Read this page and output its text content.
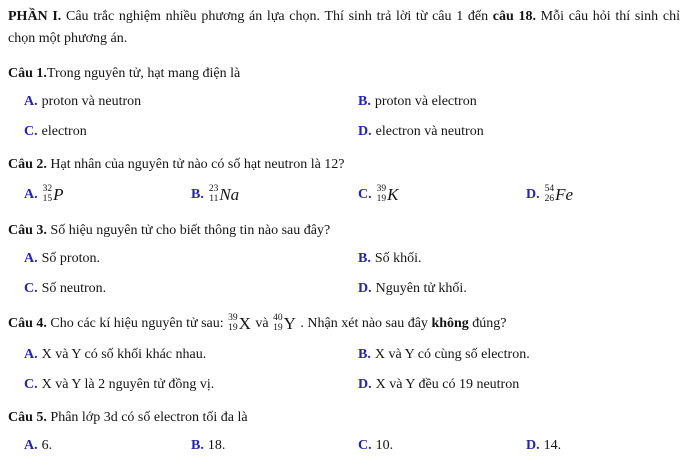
PHẦN I. Câu trắc nghiệm nhiều phương án lựa chọn. Thí sinh trả lời từ câu 1 đến câu 18. Mỗi câu hỏi thí sinh chỉ chọn một phương án.

Câu 1.Trong nguyên tử, hạt mang điện là
A. proton và neutron	B. proton và electron
C. electron	D. electron và neutron
Câu 2. Hạt nhân của nguyên tử nào có số hạt neutron là 12?
A. 32
15 P	B. 23
11 Na	C. 39
19 K	D. 54
26 Fe
Câu 3. Số hiệu nguyên tử cho biết thông tin nào sau đây?
A. Số proton.	B. Số khối.
C. Số neutron.	D. Nguyên tử khối.
Câu 4. Cho các kí hiệu nguyên tử sau: 39
19 X và 40
19 Y . Nhận xét nào sau đây không đúng?
A. X và Y có số khối khác nhau.	B. X và Y có cùng số electron.
C. X và Y là 2 nguyên tử đồng vị.	D. X và Y đều có 19 neutron
Câu 5. Phân lớp 3d có số electron tối đa là
A. 6.	B. 18.	C. 10.	D. 14.
